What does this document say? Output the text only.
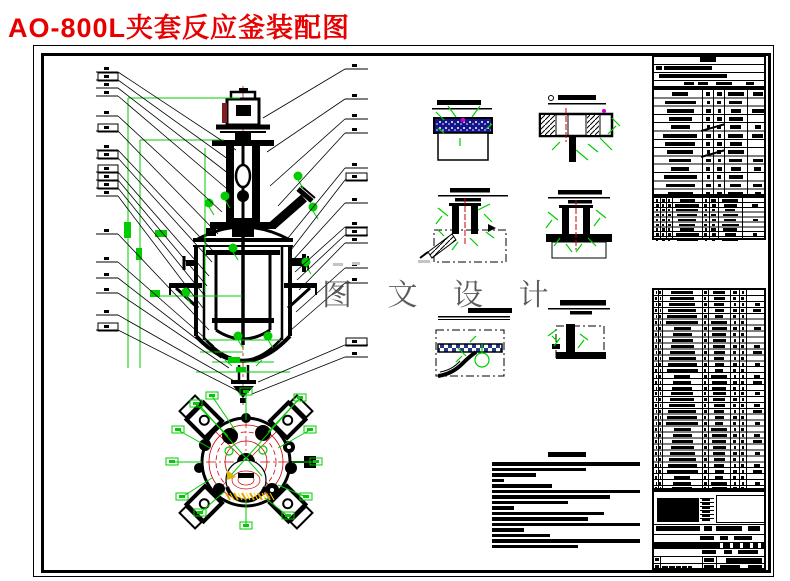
AO-800L夹套反应釜装配图
图 文 设 计
